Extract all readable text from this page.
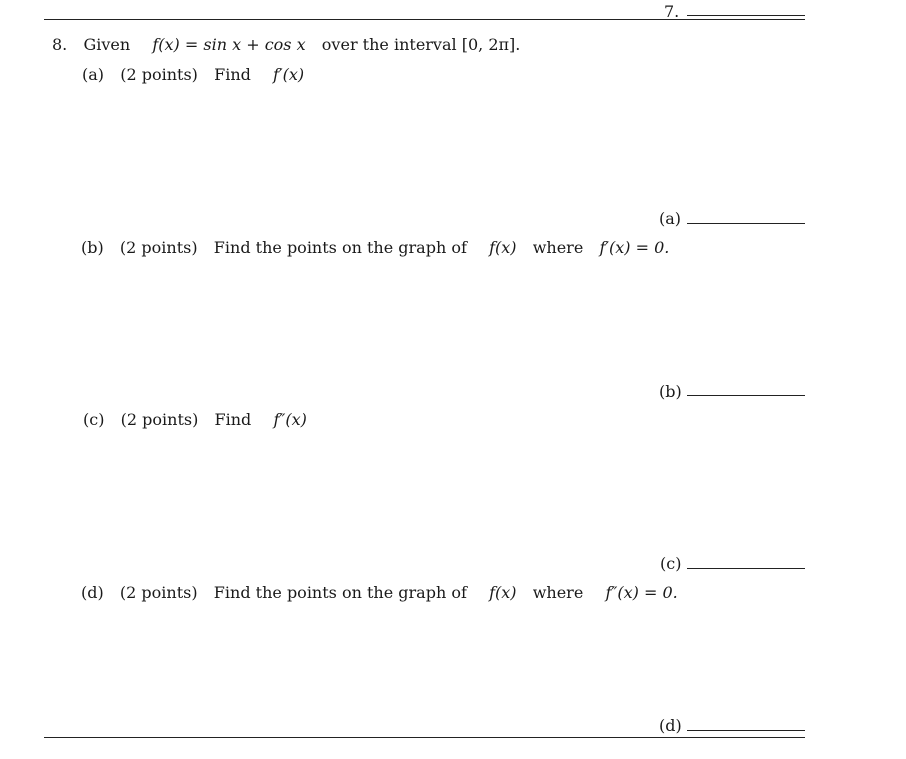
7.
8. Given f(x) = sin x + cos x over the interval [0, 2π].
(a) (2 points) Find f′(x)
(a)
(b) (2 points) Find the points on the graph of f(x) where f′(x) = 0.
(b)
(c) (2 points) Find f″(x)
(c)
(d) (2 points) Find the points on the graph of f(x) where f″(x) = 0.
(d)
